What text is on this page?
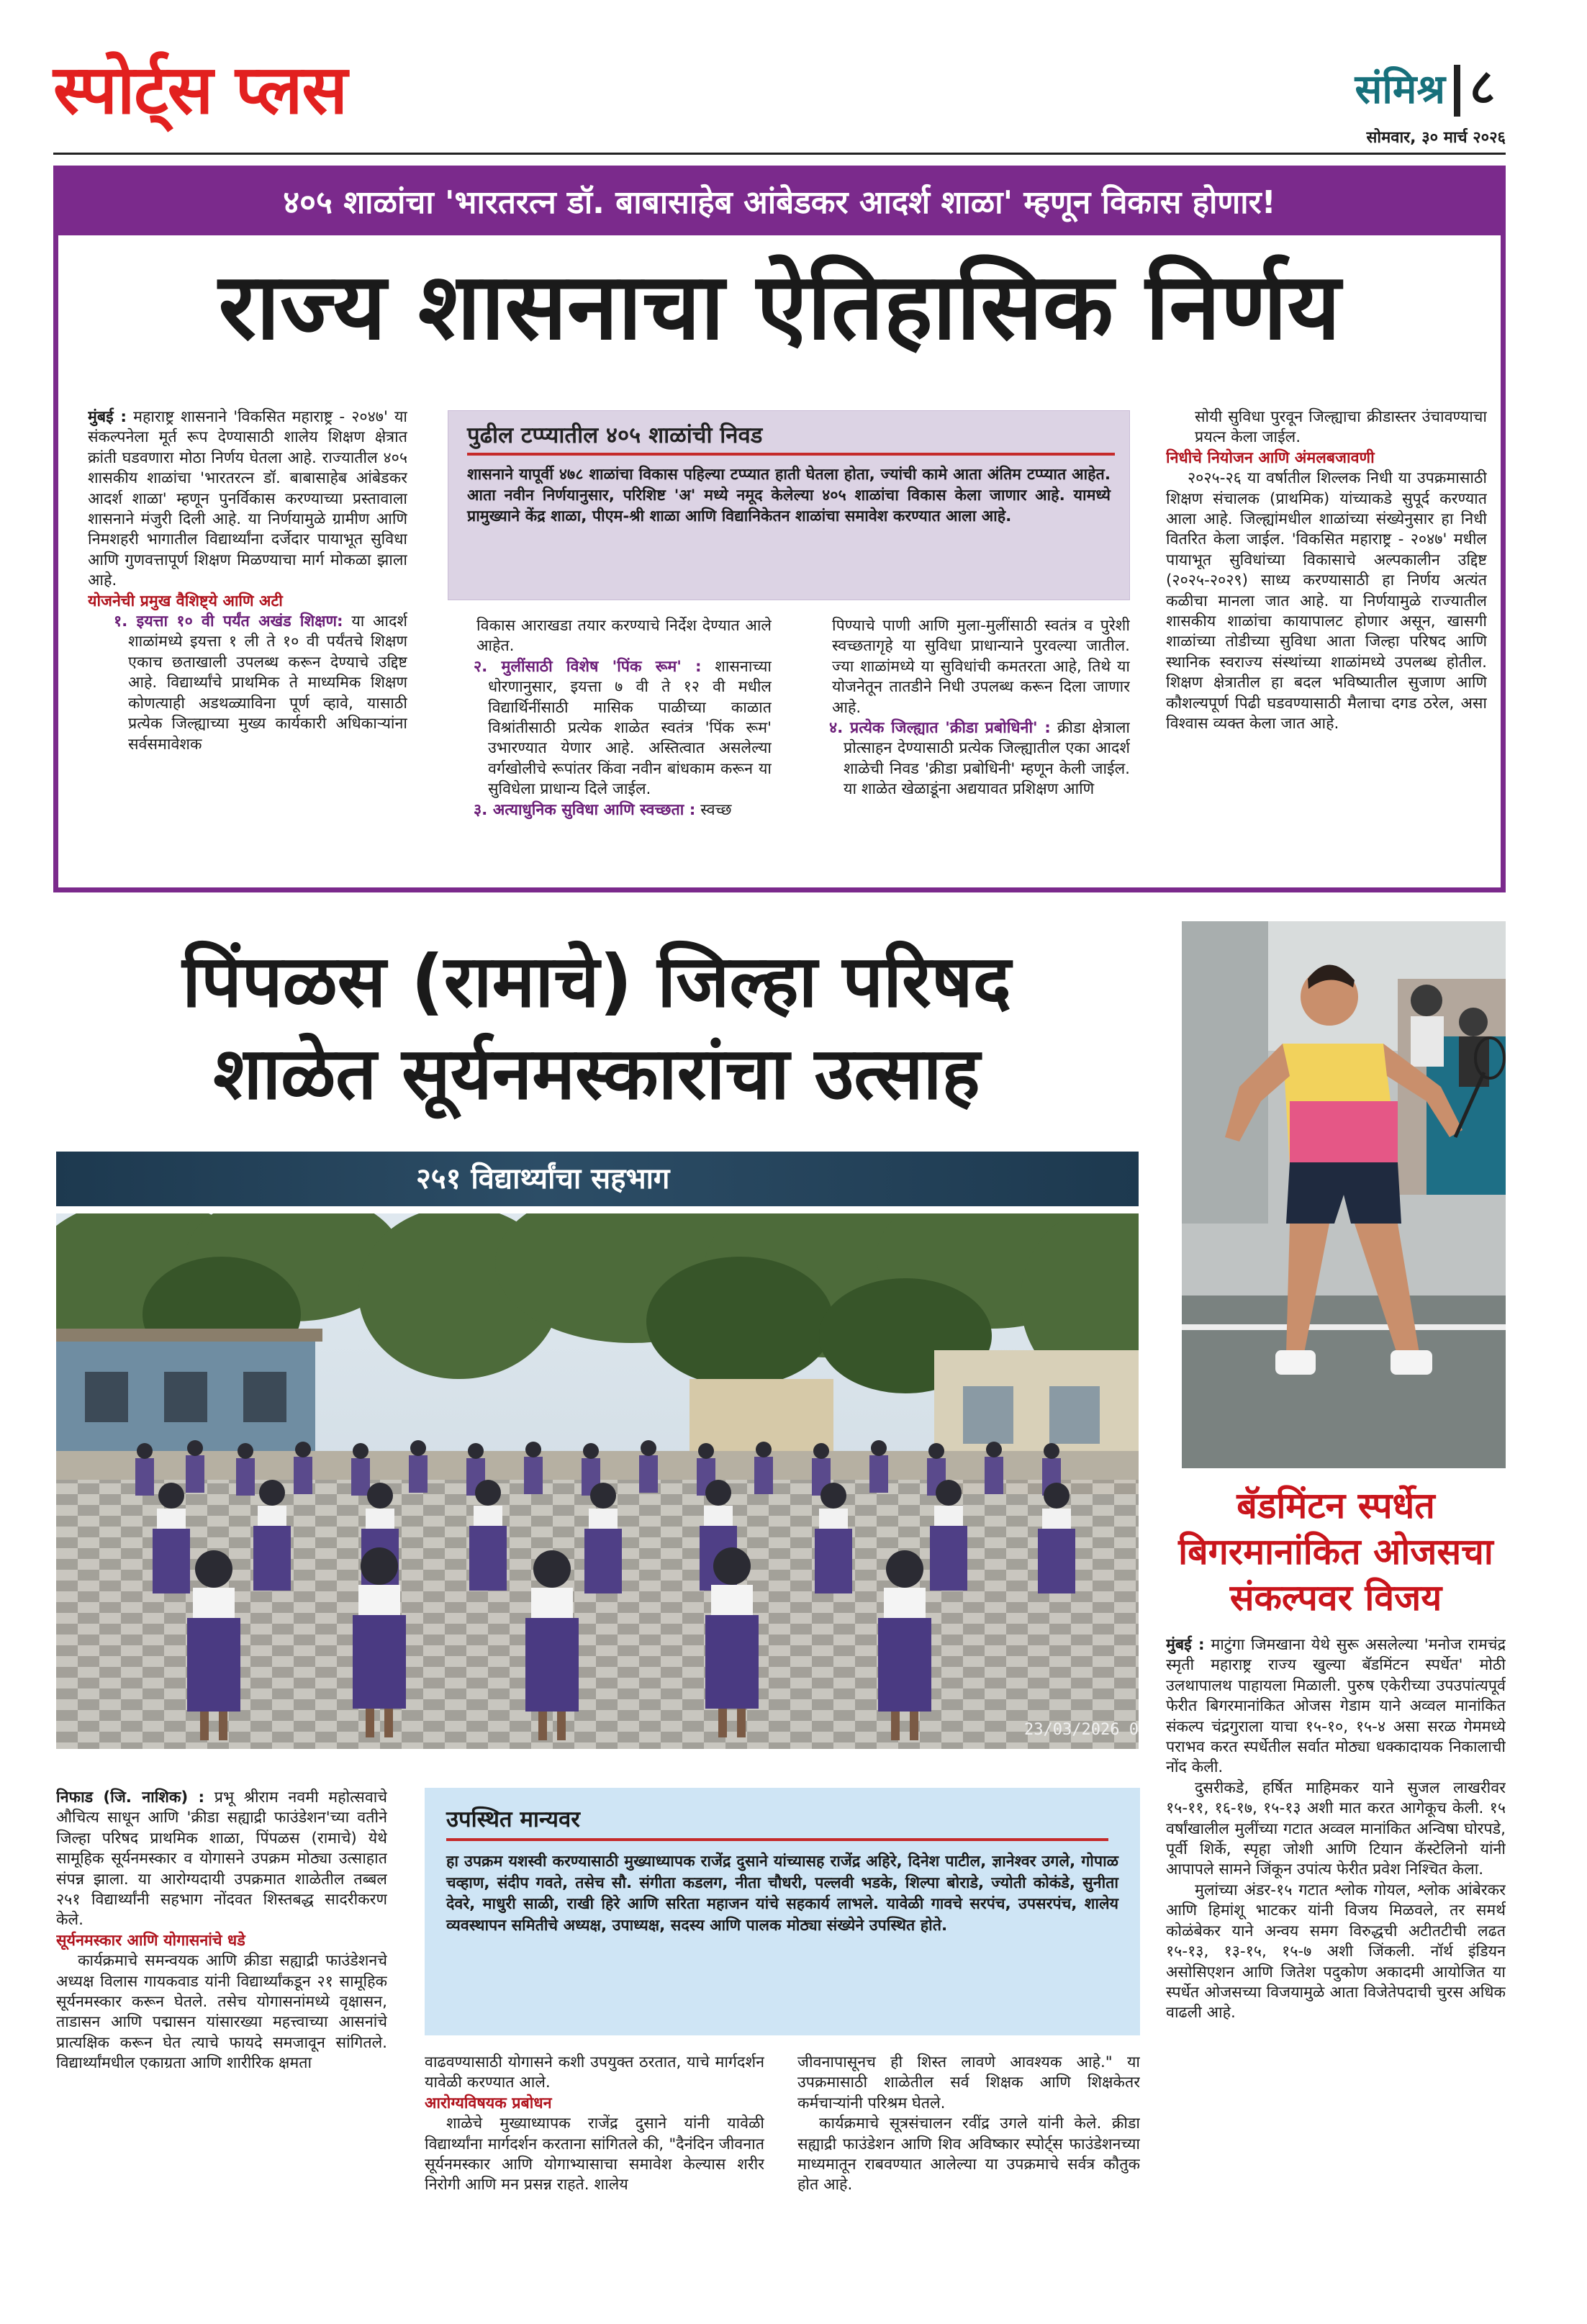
स्पोर्ट्स प्लस	संमिश्र ८
सोमवार, ३० मार्च २०२६
४०५ शाळांचा 'भारतरत्न डॉ. बाबासाहेब आंबेडकर आदर्श शाळा' म्हणून विकास होणार!
राज्य शासनाचा ऐतिहासिक निर्णय
मुंबई : महाराष्ट्र शासनाने 'विकसित महाराष्ट्र - २०४७' या संकल्पनेला मूर्त रूप देण्यासाठी शालेय शिक्षण क्षेत्रात क्रांती घडवणारा मोठा निर्णय घेतला आहे. राज्यातील ४०५ शासकीय शाळांचा 'भारतरत्न डॉ. बाबासाहेब आंबेडकर आदर्श शाळा' म्हणून पुनर्विकास करण्याच्या प्रस्तावाला शासनाने मंजुरी दिली आहे. या निर्णयामुळे ग्रामीण आणि निमशहरी भागातील विद्यार्थ्यांना दर्जेदार पायाभूत सुविधा आणि गुणवत्तापूर्ण शिक्षण मिळण्याचा मार्ग मोकळा झाला आहे.
योजनेची प्रमुख वैशिष्ट्ये आणि अटी
१. इयत्ता १० वी पर्यंत अखंड शिक्षण: या आदर्श शाळांमध्ये इयत्ता १ ली ते १० वी पर्यंतचे शिक्षण एकाच छताखाली उपलब्ध करून देण्याचे उद्दिष्ट आहे. विद्यार्थ्यांचे प्राथमिक ते माध्यमिक शिक्षण कोणत्याही अडथळ्याविना पूर्ण व्हावे, यासाठी प्रत्येक जिल्ह्याच्या मुख्य कार्यकारी अधिकाऱ्यांना सर्वसमावेशक
पुढील टप्प्यातील ४०५ शाळांची निवड
शासनाने यापूर्वी ४७८ शाळांचा विकास पहिल्या टप्प्यात हाती घेतला होता, ज्यांची कामे आता अंतिम टप्प्यात आहेत. आता नवीन निर्णयानुसार, परिशिष्ट 'अ' मध्ये नमूद केलेल्या ४०५ शाळांचा विकास केला जाणार आहे. यामध्ये प्रामुख्याने केंद्र शाळा, पीएम-श्री शाळा आणि विद्यानिकेतन शाळांचा समावेश करण्यात आला आहे.
विकास आराखडा तयार करण्याचे निर्देश देण्यात आले आहेत.
२. मुलींसाठी विशेष 'पिंक रूम' : शासनाच्या धोरणानुसार, इयत्ता ७ वी ते १२ वी मधील विद्यार्थिनींसाठी मासिक पाळीच्या काळात विश्रांतीसाठी प्रत्येक शाळेत स्वतंत्र 'पिंक रूम' उभारण्यात येणार आहे. अस्तित्वात असलेल्या वर्गखोलीचे रूपांतर किंवा नवीन बांधकाम करून या सुविधेला प्राधान्य दिले जाईल.
३. अत्याधुनिक सुविधा आणि स्वच्छता : स्वच्छ
पिण्याचे पाणी आणि मुला-मुलींसाठी स्वतंत्र व पुरेशी स्वच्छतागृहे या सुविधा प्राधान्याने पुरवल्या जातील. ज्या शाळांमध्ये या सुविधांची कमतरता आहे, तिथे या योजनेतून तातडीने निधी उपलब्ध करून दिला जाणार आहे.
४. प्रत्येक जिल्ह्यात 'क्रीडा प्रबोधिनी' : क्रीडा क्षेत्राला प्रोत्साहन देण्यासाठी प्रत्येक जिल्ह्यातील एका आदर्श शाळेची निवड 'क्रीडा प्रबोधिनी' म्हणून केली जाईल. या शाळेत खेळाडूंना अद्ययावत प्रशिक्षण आणि
सोयी सुविधा पुरवून जिल्ह्याचा क्रीडास्तर उंचावण्याचा प्रयत्न केला जाईल.
निधीचे नियोजन आणि अंमलबजावणी
२०२५-२६ या वर्षातील शिल्लक निधी या उपक्रमासाठी शिक्षण संचालक (प्राथमिक) यांच्याकडे सुपूर्द करण्यात आला आहे. जिल्ह्यांमधील शाळांच्या संख्येनुसार हा निधी वितरित केला जाईल. 'विकसित महाराष्ट्र - २०४७' मधील पायाभूत सुविधांच्या विकासाचे अल्पकालीन उद्दिष्ट (२०२५-२०२९) साध्य करण्यासाठी हा निर्णय अत्यंत कळीचा मानला जात आहे. या निर्णयामुळे राज्यातील शासकीय शाळांचा कायापालट होणार असून, खासगी शाळांच्या तोडीच्या सुविधा आता जिल्हा परिषद आणि स्थानिक स्वराज्य संस्थांच्या शाळांमध्ये उपलब्ध होतील. शिक्षण क्षेत्रातील हा बदल भविष्यातील सुजाण आणि कौशल्यपूर्ण पिढी घडवण्यासाठी मैलाचा दगड ठरेल, असा विश्वास व्यक्त केला जात आहे.
पिंपळस (रामाचे) जिल्हा परिषद
शाळेत सूर्यनमस्कारांचा उत्साह
२५१ विद्यार्थ्यांचा सहभाग
23/03/2026 0
निफाड (जि. नाशिक) : प्रभू श्रीराम नवमी महोत्सवाचे औचित्य साधून आणि 'क्रीडा सह्याद्री फाउंडेशन'च्या वतीने जिल्हा परिषद प्राथमिक शाळा, पिंपळस (रामाचे) येथे सामूहिक सूर्यनमस्कार व योगासने उपक्रम मोठ्या उत्साहात संपन्न झाला. या आरोग्यदायी उपक्रमात शाळेतील तब्बल २५१ विद्यार्थ्यांनी सहभाग नोंदवत शिस्तबद्ध सादरीकरण केले.
सूर्यनमस्कार आणि योगासनांचे धडे
कार्यक्रमाचे समन्वयक आणि क्रीडा सह्याद्री फाउंडेशनचे अध्यक्ष विलास गायकवाड यांनी विद्यार्थ्यांकडून २१ सामूहिक सूर्यनमस्कार करून घेतले. तसेच योगासनांमध्ये वृक्षासन, ताडासन आणि पद्मासन यांसारख्या महत्त्वाच्या आसनांचे प्रात्यक्षिक करून घेत त्याचे फायदे समजावून सांगितले. विद्यार्थ्यांमधील एकाग्रता आणि शारीरिक क्षमता
उपस्थित मान्यवर
हा उपक्रम यशस्वी करण्यासाठी मुख्याध्यापक राजेंद्र दुसाने यांच्यासह राजेंद्र अहिरे, दिनेश पाटील, ज्ञानेश्वर उगले, गोपाळ चव्हाण, संदीप गवते, तसेच सौ. संगीता कडलग, नीता चौधरी, पल्लवी भडके, शिल्पा बोराडे, ज्योती कोकंडे, सुनीता देवरे, माधुरी साळी, राखी हिरे आणि सरिता महाजन यांचे सहकार्य लाभले. यावेळी गावचे सरपंच, उपसरपंच, शालेय व्यवस्थापन समितीचे अध्यक्ष, उपाध्यक्ष, सदस्य आणि पालक मोठ्या संख्येने उपस्थित होते.
वाढवण्यासाठी योगासने कशी उपयुक्त ठरतात, याचे मार्गदर्शन यावेळी करण्यात आले.
आरोग्यविषयक प्रबोधन
शाळेचे मुख्याध्यापक राजेंद्र दुसाने यांनी यावेळी विद्यार्थ्यांना मार्गदर्शन करताना सांगितले की, "दैनंदिन जीवनात सूर्यनमस्कार आणि योगाभ्यासाचा समावेश केल्यास शरीर निरोगी आणि मन प्रसन्न राहते. शालेय
जीवनापासूनच ही शिस्त लावणे आवश्यक आहे." या उपक्रमासाठी शाळेतील सर्व शिक्षक आणि शिक्षकेतर कर्मचाऱ्यांनी परिश्रम घेतले.
कार्यक्रमाचे सूत्रसंचालन रवींद्र उगले यांनी केले. क्रीडा सह्याद्री फाउंडेशन आणि शिव अविष्कार स्पोर्ट्स फाउंडेशनच्या माध्यमातून राबवण्यात आलेल्या या उपक्रमाचे सर्वत्र कौतुक होत आहे.
बॅडमिंटन स्पर्धेत
बिगरमानांकित ओजसचा
संकल्पवर विजय
मुंबई : माटुंगा जिमखाना येथे सुरू असलेल्या 'मनोज रामचंद्र स्मृती महाराष्ट्र राज्य खुल्या बॅडमिंटन स्पर्धेत' मोठी उलथापालथ पाहायला मिळाली. पुरुष एकेरीच्या उपउपांत्यपूर्व फेरीत बिगरमानांकित ओजस गेडाम याने अव्वल मानांकित संकल्प चंद्रगुराला याचा १५-१०, १५-४ असा सरळ गेममध्ये पराभव करत स्पर्धेतील सर्वात मोठ्या धक्कादायक निकालाची नोंद केली.
दुसरीकडे, हर्षित माहिमकर याने सुजल लाखरीवर १५-११, १६-१७, १५-१३ अशी मात करत आगेकूच केली. १५ वर्षांखालील मुलींच्या गटात अव्वल मानांकित अन्विषा घोरपडे, पूर्वी शिर्के, स्पृहा जोशी आणि टियान कॅस्टेलिनो यांनी आपापले सामने जिंकून उपांत्य फेरीत प्रवेश निश्चित केला.
मुलांच्या अंडर-१५ गटात श्लोक गोयल, श्लोक आंबेरकर आणि हिमांशू भाटकर यांनी विजय मिळवले, तर समर्थ कोळंबेकर याने अन्वय समग विरुद्धची अटीतटीची लढत १५-१३, १३-१५, १५-७ अशी जिंकली. नॉर्थ इंडियन असोसिएशन आणि जितेश पदुकोण अकादमी आयोजित या स्पर्धेत ओजसच्या विजयामुळे आता विजेतेपदाची चुरस अधिक वाढली आहे.
